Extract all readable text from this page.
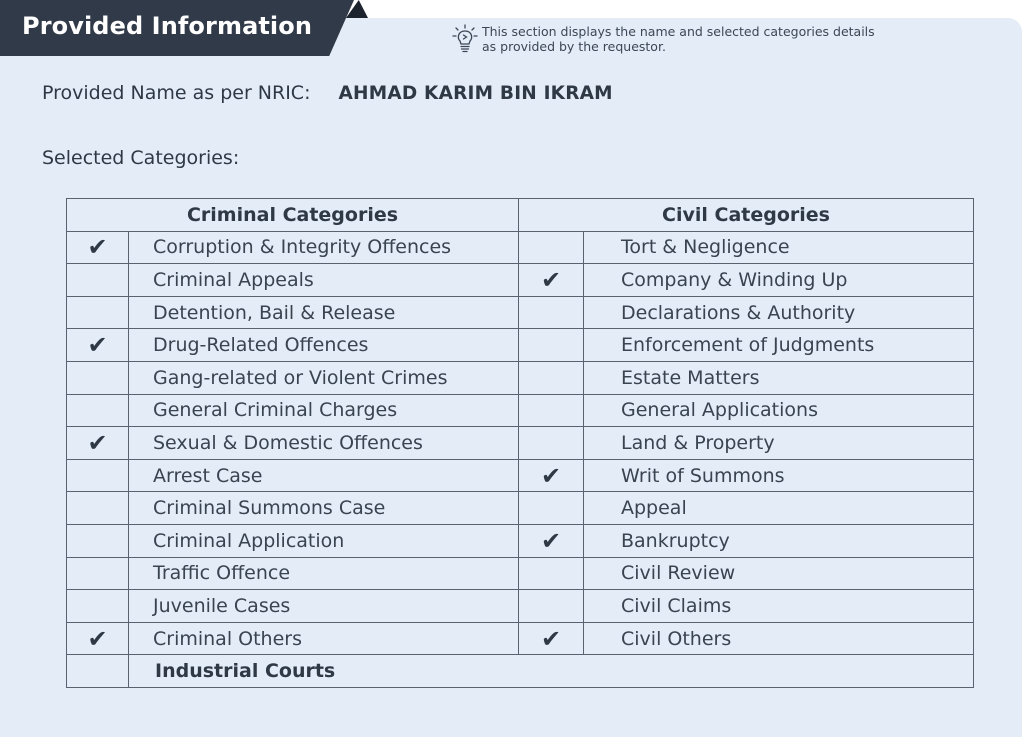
Provided Information	This section displays the name and selected categories details as provided by the requestor.
Provided Name as per NRIC: AHMAD KARIM BIN IKRAM
Selected Categories:
Criminal Categories		Civil Categories	
✔	Corruption & Integrity Offences		Tort & Negligence
	Criminal Appeals	✔	Company & Winding Up
	Detention, Bail & Release		Declarations & Authority
✔	Drug-Related Offences		Enforcement of Judgments
	Gang-related or Violent Crimes		Estate Matters
	General Criminal Charges		General Applications
✔	Sexual & Domestic Offences		Land & Property
	Arrest Case	✔	Writ of Summons
	Criminal Summons Case		Appeal
	Criminal Application	✔	Bankruptcy
	Traffic Offence		Civil Review
	Juvenile Cases		Civil Claims
✔	Criminal Others	✔	Civil Others
	Industrial Courts		
